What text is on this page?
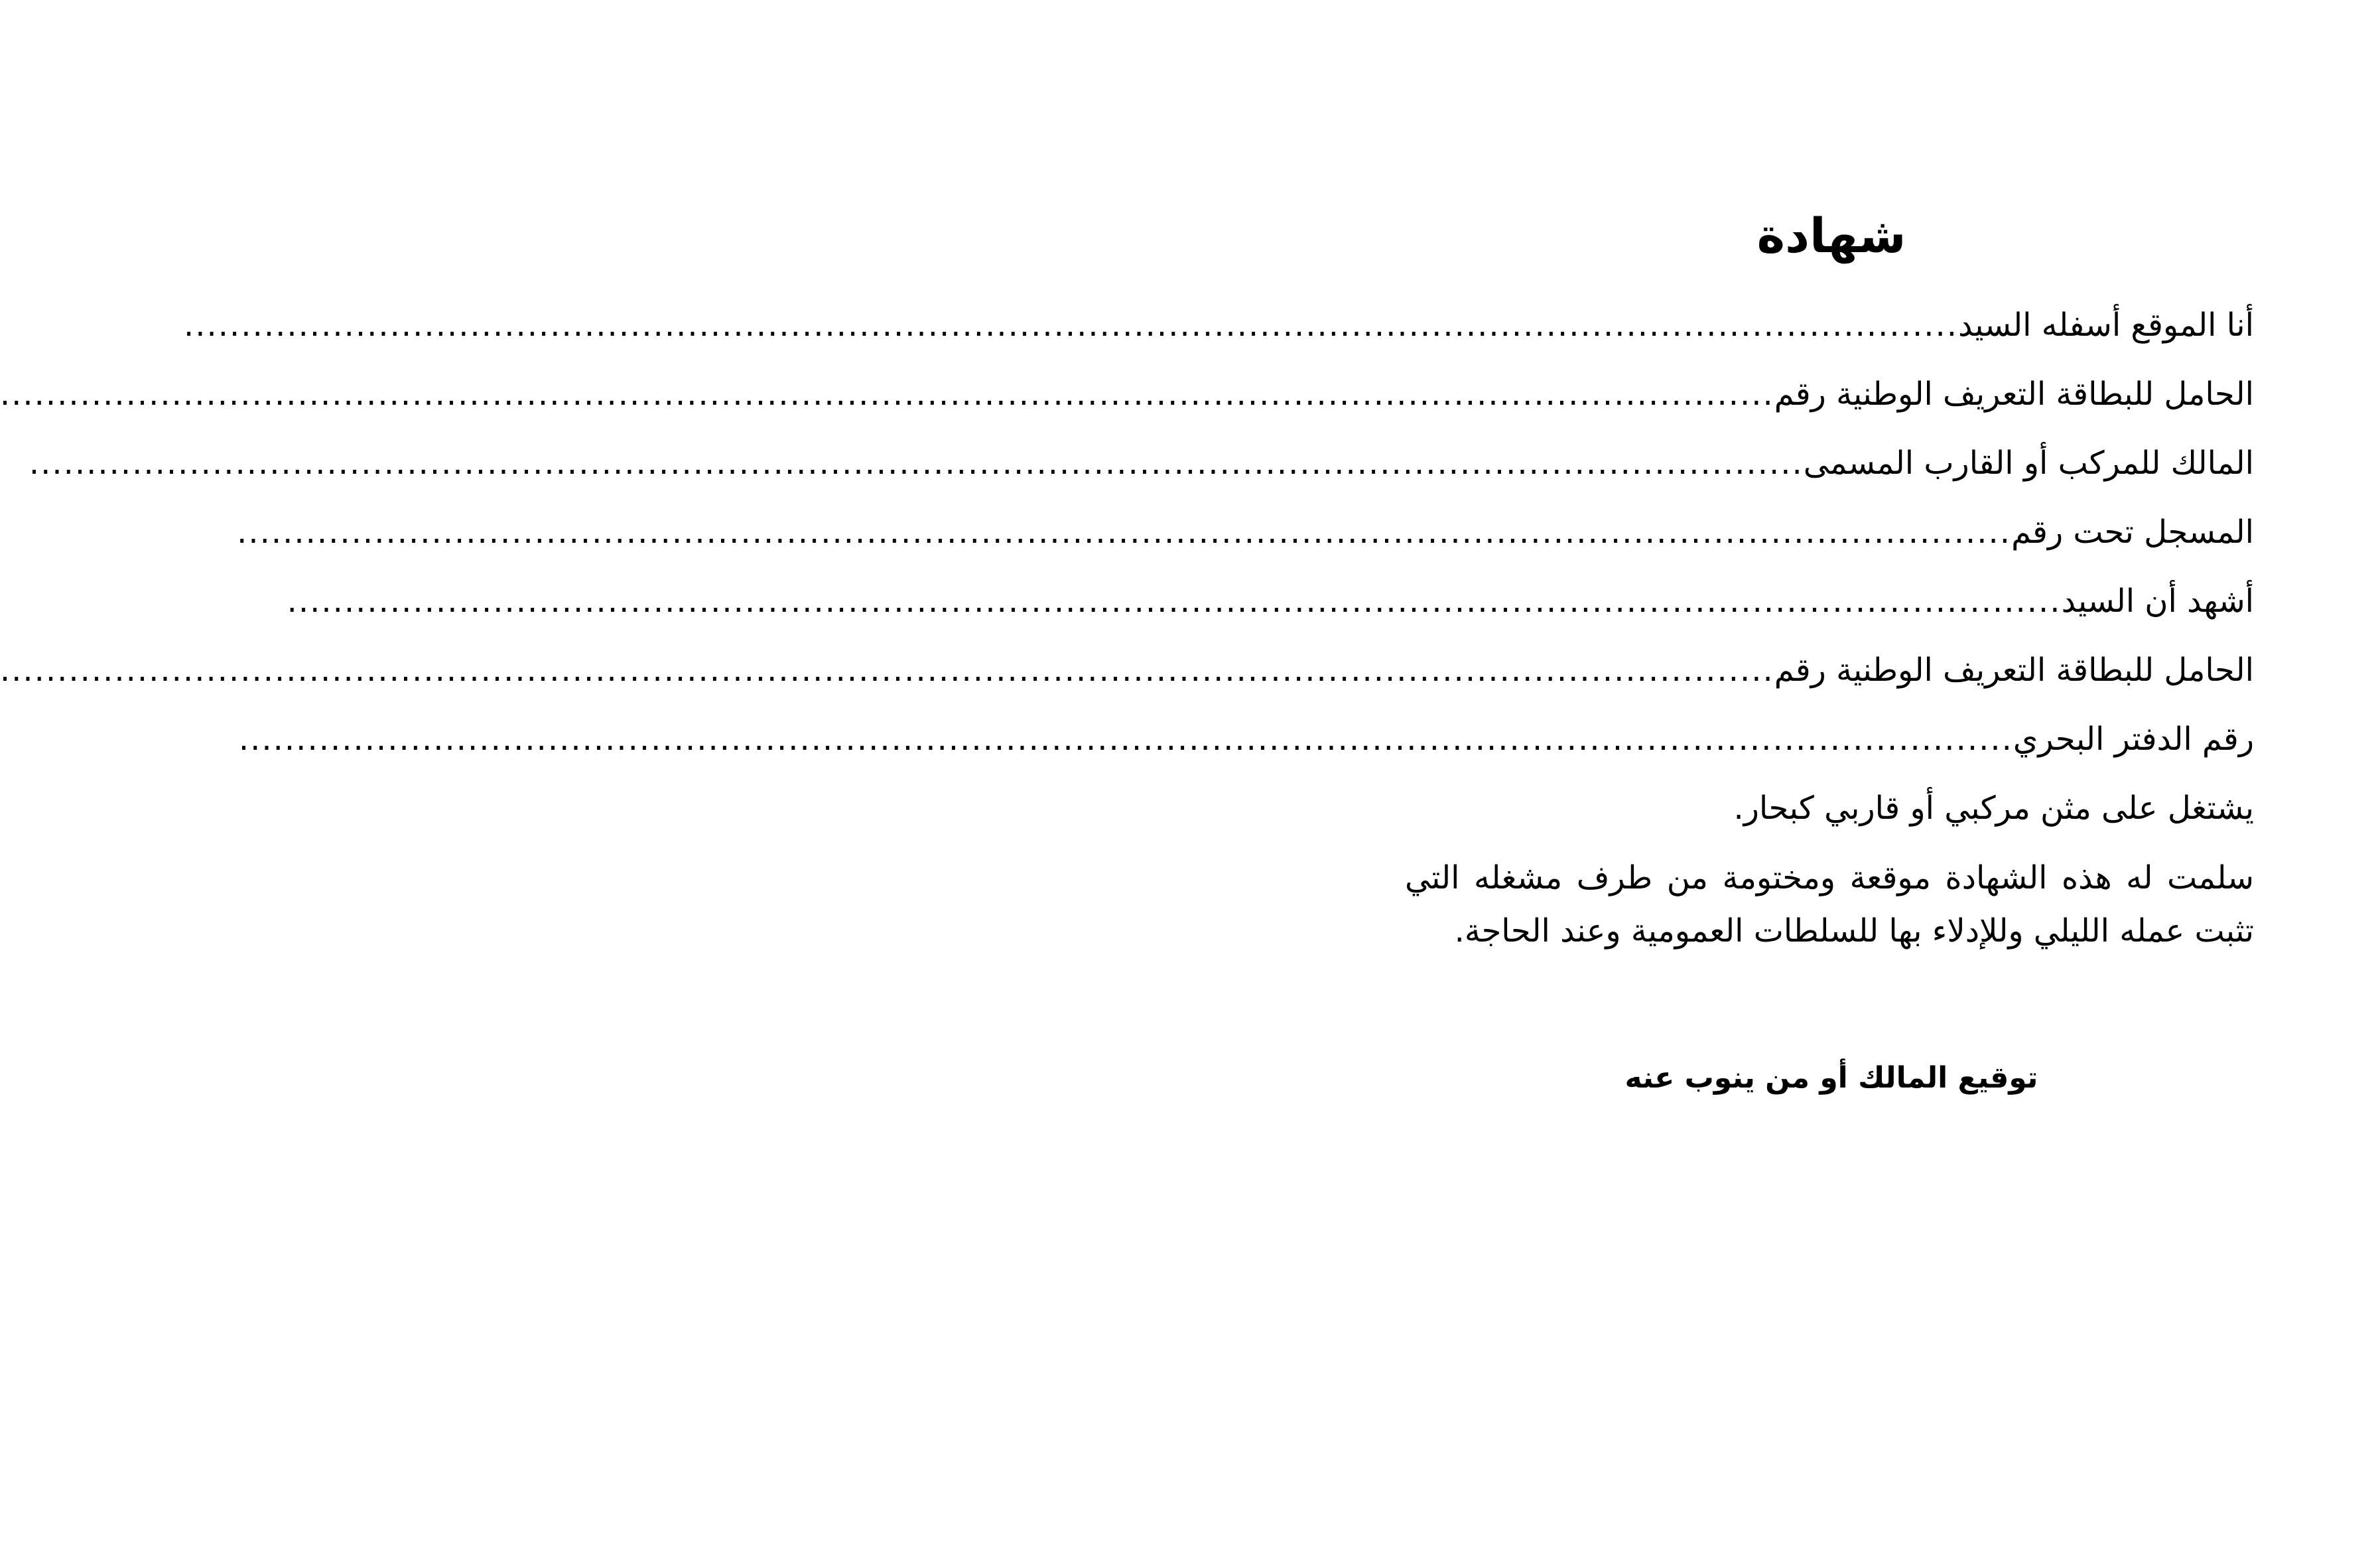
شهادة
أنا الموقع أسفله السيد
...........................................................................................................................................................
الحامل للبطاقة التعريف الوطنية رقم
...........................................................................................................................................................
المالك للمركب أو القارب المسمى
...........................................................................................................................................................
المسجل تحت رقم
...........................................................................................................................................................
أشهد أن السيد
...........................................................................................................................................................
الحامل للبطاقة التعريف الوطنية رقم
...........................................................................................................................................................
رقم الدفتر البحري
...........................................................................................................................................................

يشتغل على مثن مركبي أو قاربي كبحار.

سلمت له هذه الشهادة موقعة ومختومة من طرف مشغله التي تثبت عمله الليلي وللإدلاء بها للسلطات العمومية وعند الحاجة.

توقيع المالك أو من ينوب عنه
